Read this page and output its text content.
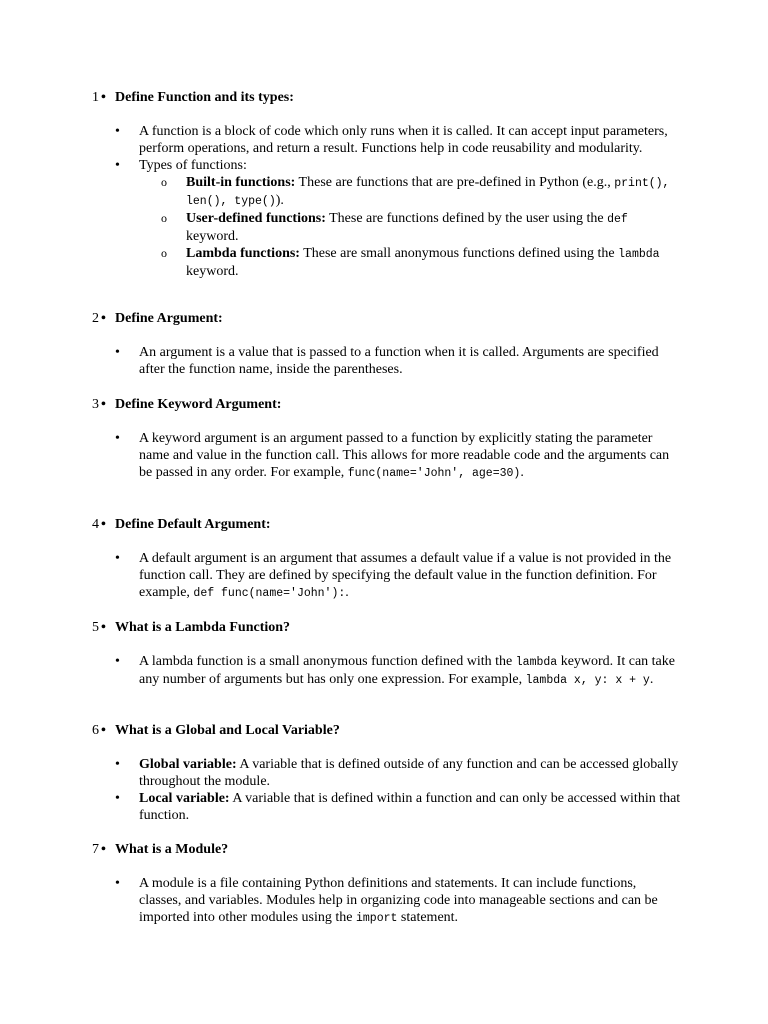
1 • Define Function and its types:
• A function is a block of code which only runs when it is called. It can accept input parameters, perform operations, and return a result. Functions help in code reusability and modularity.
• Types of functions:
o Built-in functions: These are functions that are pre-defined in Python (e.g., print(), len(), type()).
o User-defined functions: These are functions defined by the user using the def keyword.
o Lambda functions: These are small anonymous functions defined using the lambda keyword.
2 • Define Argument:
• An argument is a value that is passed to a function when it is called. Arguments are specified after the function name, inside the parentheses.
3 • Define Keyword Argument:
• A keyword argument is an argument passed to a function by explicitly stating the parameter name and value in the function call. This allows for more readable code and the arguments can be passed in any order. For example, func(name='John', age=30).
4 • Define Default Argument:
• A default argument is an argument that assumes a default value if a value is not provided in the function call. They are defined by specifying the default value in the function definition. For example, def func(name='John'):.
5 • What is a Lambda Function?
• A lambda function is a small anonymous function defined with the lambda keyword. It can take any number of arguments but has only one expression. For example, lambda x, y: x + y.
6 • What is a Global and Local Variable?
• Global variable: A variable that is defined outside of any function and can be accessed globally throughout the module.
• Local variable: A variable that is defined within a function and can only be accessed within that function.
7 • What is a Module?
• A module is a file containing Python definitions and statements. It can include functions, classes, and variables. Modules help in organizing code into manageable sections and can be imported into other modules using the import statement.
